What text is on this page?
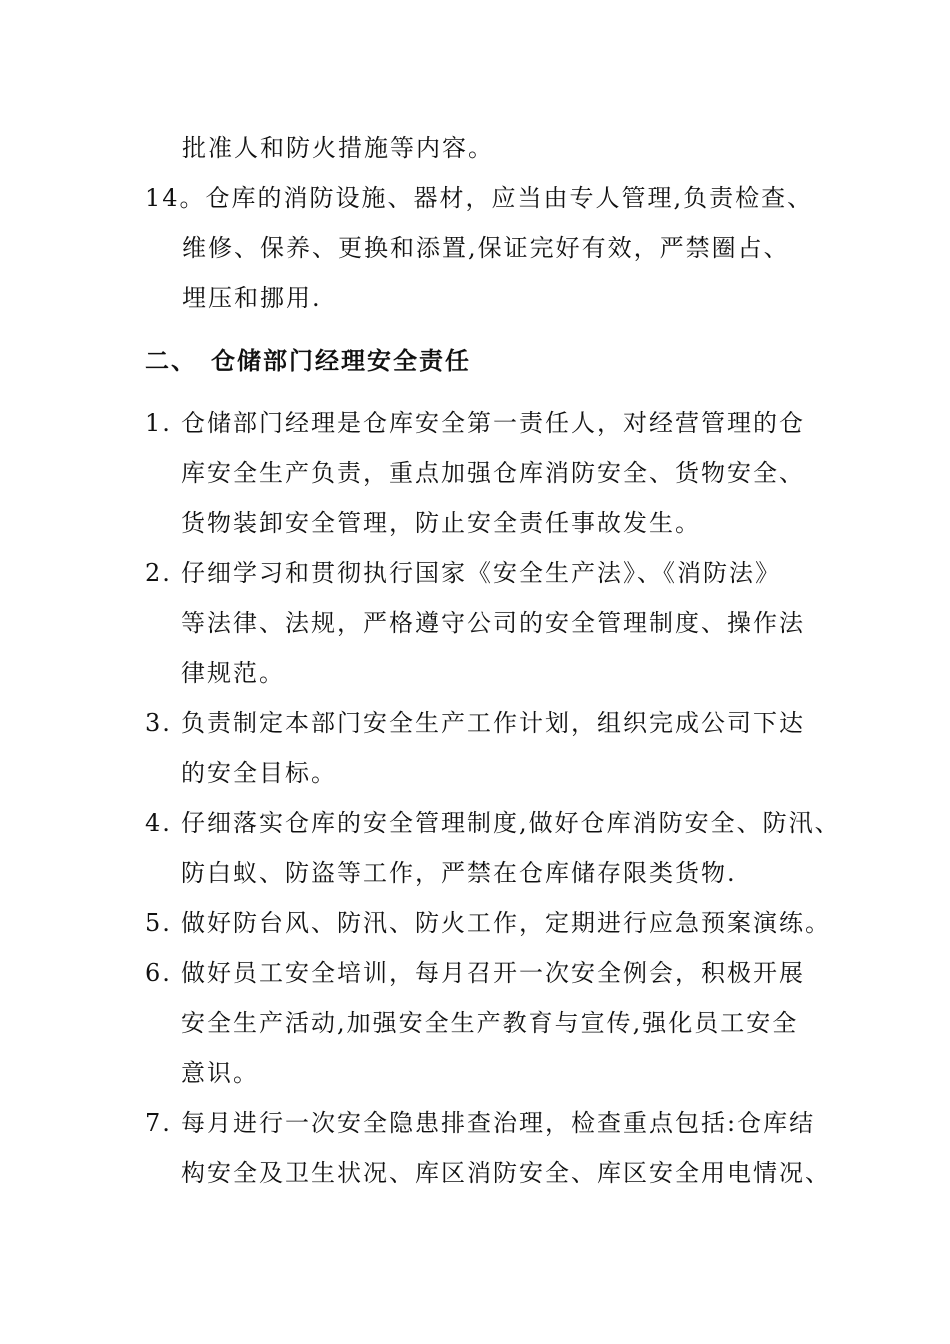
批准人和防火措施等内容。
14。仓库的消防设施、器材，应当由专人管理,负责检查、
维修、保养、更换和添置,保证完好有效，严禁圈占、
埋压和挪用.
二、 仓储部门经理安全责任
1. 仓储部门经理是仓库安全第一责任人，对经营管理的仓
库安全生产负责，重点加强仓库消防安全、货物安全、
货物装卸安全管理，防止安全责任事故发生。
2. 仔细学习和贯彻执行国家《安全生产法》、《消防法》
等法律、法规，严格遵守公司的安全管理制度、操作法
律规范。
3. 负责制定本部门安全生产工作计划，组织完成公司下达
的安全目标。
4. 仔细落实仓库的安全管理制度,做好仓库消防安全、防汛、
防白蚁、防盗等工作，严禁在仓库储存限类货物.
5. 做好防台风、防汛、防火工作，定期进行应急预案演练。
6. 做好员工安全培训，每月召开一次安全例会，积极开展
安全生产活动,加强安全生产教育与宣传,强化员工安全
意识。
7. 每月进行一次安全隐患排查治理，检查重点包括:仓库结
构安全及卫生状况、库区消防安全、库区安全用电情况、
